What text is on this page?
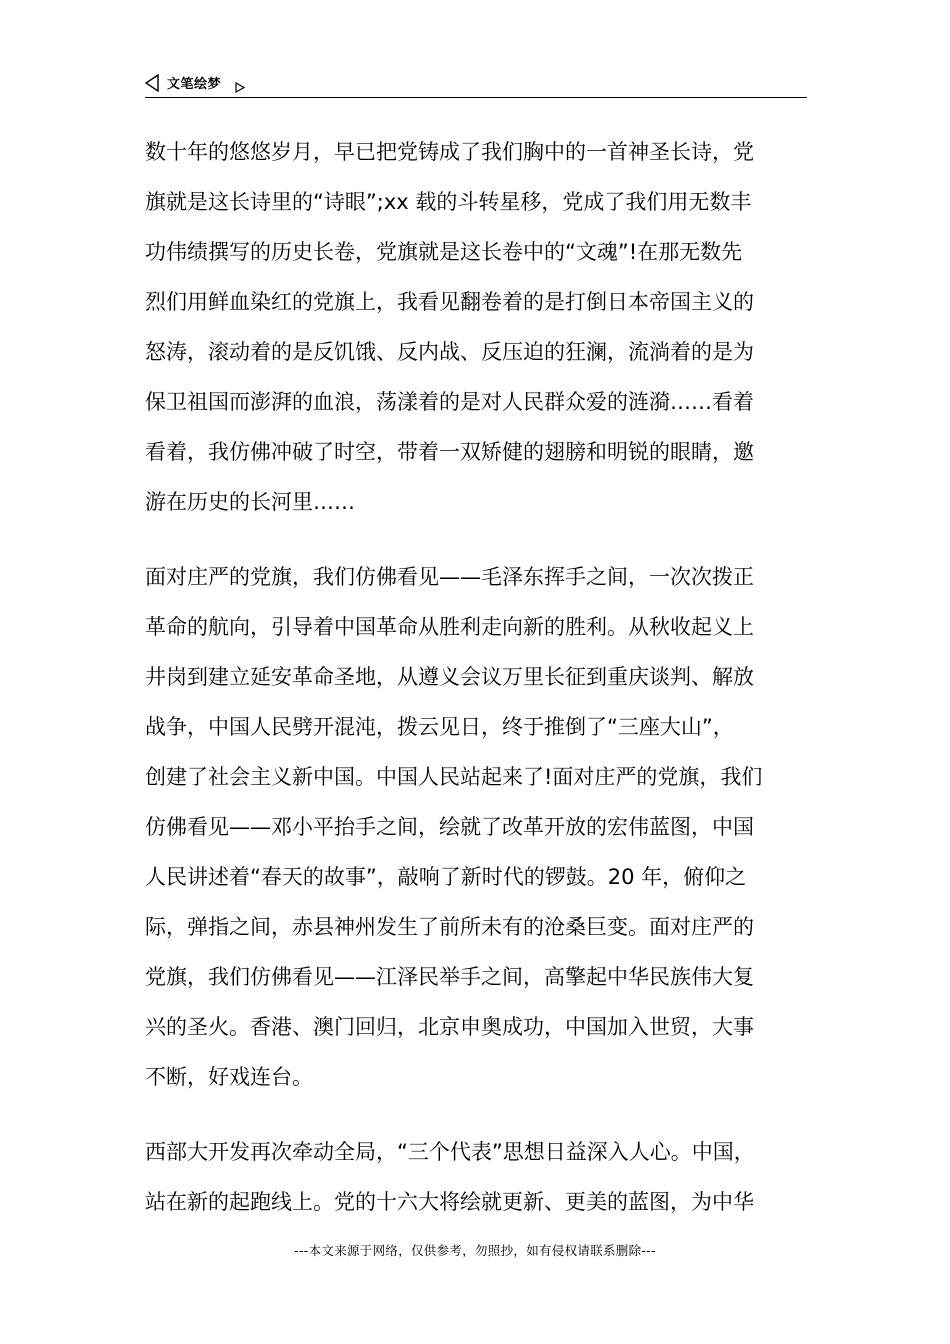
文笔绘梦

数十年的悠悠岁月，早已把党铸成了我们胸中的一首神圣长诗，党
旗就是这长诗里的“诗眼”;xx 载的斗转星移，党成了我们用无数丰
功伟绩撰写的历史长卷，党旗就是这长卷中的“文魂”!在那无数先
烈们用鲜血染红的党旗上，我看见翻卷着的是打倒日本帝国主义的
怒涛，滚动着的是反饥饿、反内战、反压迫的狂澜，流淌着的是为
保卫祖国而澎湃的血浪，荡漾着的是对人民群众爱的涟漪……看着
看着，我仿佛冲破了时空，带着一双矫健的翅膀和明锐的眼睛，邀
游在历史的长河里……

面对庄严的党旗，我们仿佛看见——毛泽东挥手之间，一次次拨正
革命的航向，引导着中国革命从胜利走向新的胜利。从秋收起义上
井岗到建立延安革命圣地，从遵义会议万里长征到重庆谈判、解放
战争，中国人民劈开混沌，拨云见日，终于推倒了“三座大山”，
创建了社会主义新中国。中国人民站起来了!面对庄严的党旗，我们
仿佛看见——邓小平抬手之间，绘就了改革开放的宏伟蓝图，中国
人民讲述着“春天的故事”，敲响了新时代的锣鼓。20 年，俯仰之
际，弹指之间，赤县神州发生了前所未有的沧桑巨变。面对庄严的
党旗，我们仿佛看见——江泽民举手之间，高擎起中华民族伟大复
兴的圣火。香港、澳门回归，北京申奥成功，中国加入世贸，大事
不断，好戏连台。

西部大开发再次牵动全局，“三个代表”思想日益深入人心。中国，
站在新的起跑线上。党的十六大将绘就更新、更美的蓝图，为中华

---本文来源于网络，仅供参考，勿照抄，如有侵权请联系删除---
